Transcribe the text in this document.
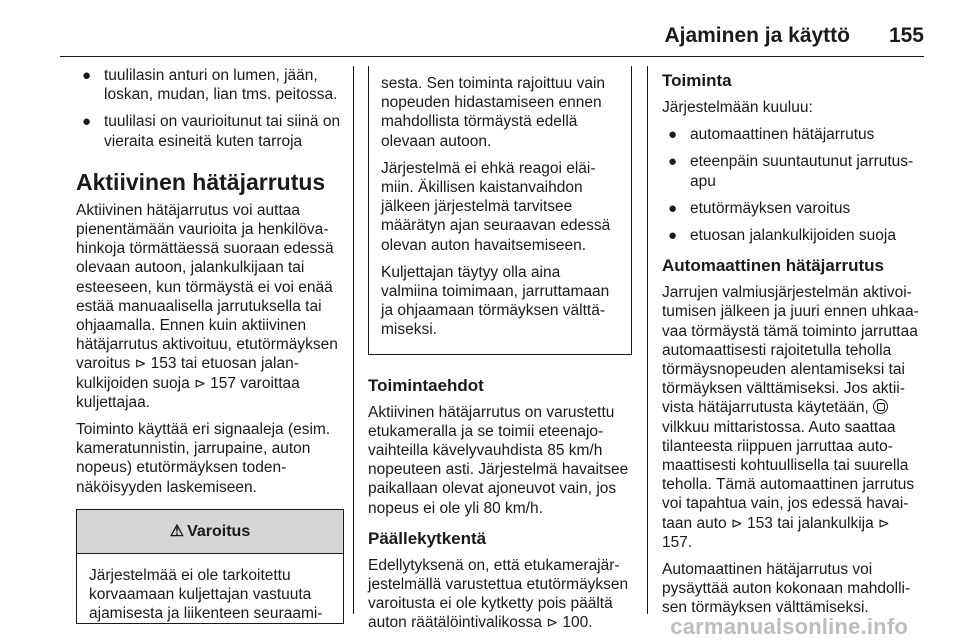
Ajaminen ja käyttö 155
● tuulilasin anturi on lumen, jään, loskan, mudan, lian tms. peitossa.
● tuulilasi on vaurioitunut tai siinä on vieraita esineitä kuten tarroja
Aktiivinen hätäjarrutus

Aktiivinen hätäjarrutus voi auttaa pienentämään vaurioita ja henkilövahinkoja törmättäessä suoraan edessä olevaan autoon, jalankulkijaan tai esteeseen, kun törmäystä ei voi enää estää manuaalisella jarrutuksella tai ohjaamalla. Ennen kuin aktiivinen hätäjarrutus aktivoituu, etutörmäyksen varoitus ⊳ 153 tai etuosan jalankulkijoiden suoja ⊳ 157 varoittaa kuljettajaa.

Toiminto käyttää eri signaaleja (esim. kameratunnistin, jarrupaine, auton nopeus) etutörmäyksen todennäköisyyden laskemiseen.

⚠ Varoitus
Järjestelmää ei ole tarkoitettu korvaamaan kuljettajan vastuuta ajamisesta ja liikenteen seuraami-

sesta. Sen toiminta rajoittuu vain nopeuden hidastamiseen ennen mahdollista törmäystä edellä olevaan autoon.

Järjestelmä ei ehkä reagoi eläimiin. Äkillisen kaistanvaihdon jälkeen järjestelmä tarvitsee määrätyn ajan seuraavan edessä olevan auton havaitsemiseen.

Kuljettajan täytyy olla aina valmiina toimimaan, jarruttamaan ja ohjaamaan törmäyksen välttämiseksi.

Toimintaehdot

Aktiivinen hätäjarrutus on varustettu etukameralla ja se toimii eteenajovaihteilla kävelyvauhdista 85 km/h nopeuteen asti. Järjestelmä havaitsee paikallaan olevat ajoneuvot vain, jos nopeus ei ole yli 80 km/h.

Päällekytkentä

Edellytyksenä on, että etukamerajärjestelmällä varustettua etutörmäyksen varoitusta ei ole kytketty pois päältä auton räätälöintivalikossa ⊳ 100.

Toiminta

Järjestelmään kuuluu:

● automaattinen hätäjarrutus
● eteenpäin suuntautunut jarrutusapu
● etutörmäyksen varoitus
● etuosan jalankulkijoiden suoja
Automaattinen hätäjarrutus

Jarrujen valmiusjärjestelmän aktivoitumisen jälkeen ja juuri ennen uhkaavaa törmäystä tämä toiminto jarruttaa automaattisesti rajoitetulla teholla törmäysnopeuden alentamiseksi tai törmäyksen välttämiseksi. Jos aktiivista hätäjarrutusta käytetään,  vilkkuu mittaristossa. Auto saattaa tilanteesta riippuen jarruttaa automaattisesti kohtuullisella tai suurella teholla. Tämä automaattinen jarrutus voi tapahtua vain, jos edessä havaitaan auto ⊳ 153 tai jalankulkija ⊳ 157.

Automaattinen hätäjarrutus voi pysäyttää auton kokonaan mahdollisen törmäyksen välttämiseksi.

carmanualsonline.info
